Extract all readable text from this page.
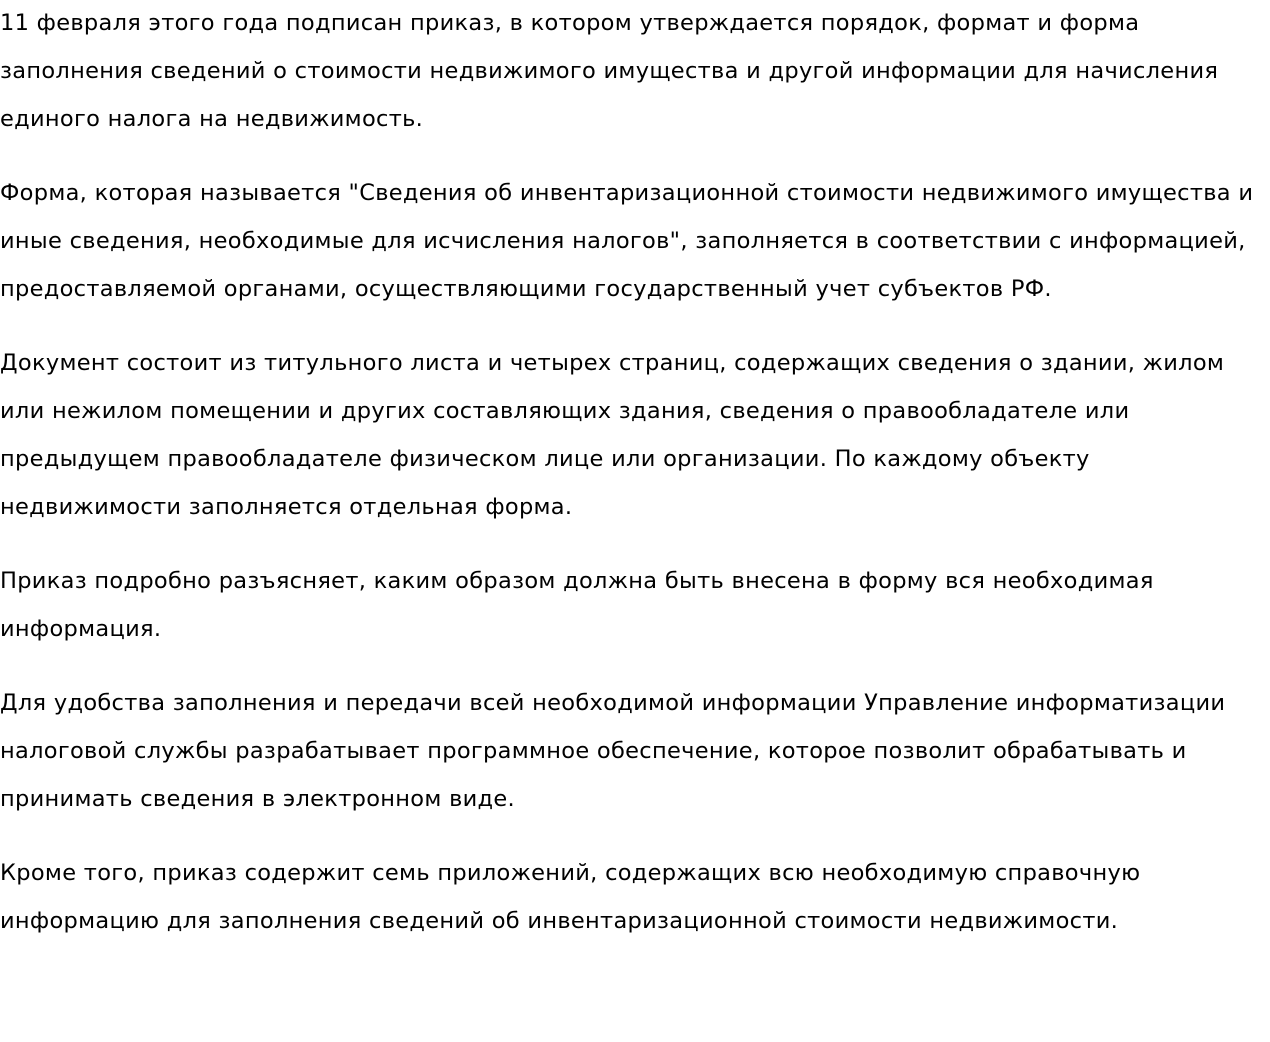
11 февраля этого года подписан приказ, в котором утверждается порядок, формат и форма заполнения сведений о стоимости недвижимого имущества и другой информации для начисления единого налога на недвижимость.

Форма, которая называется "Сведения об инвентаризационной стоимости недвижимого имущества и иные сведения, необходимые для исчисления налогов", заполняется в соответствии с информацией, предоставляемой органами, осуществляющими государственный учет субъектов РФ.

Документ состоит из титульного листа и четырех страниц, содержащих сведения о здании, жилом или нежилом помещении и других составляющих здания, сведения о правообладателе или предыдущем правообладателе физическом лице или организации. По каждому объекту недвижимости заполняется отдельная форма.

Приказ подробно разъясняет, каким образом должна быть внесена в форму вся необходимая информация.

Для удобства заполнения и передачи всей необходимой информации Управление информатизации налоговой службы разрабатывает программное обеспечение, которое позволит обрабатывать и принимать сведения в электронном виде.

Кроме того, приказ содержит семь приложений, содержащих всю необходимую справочную информацию для заполнения сведений об инвентаризационной стоимости недвижимости.
